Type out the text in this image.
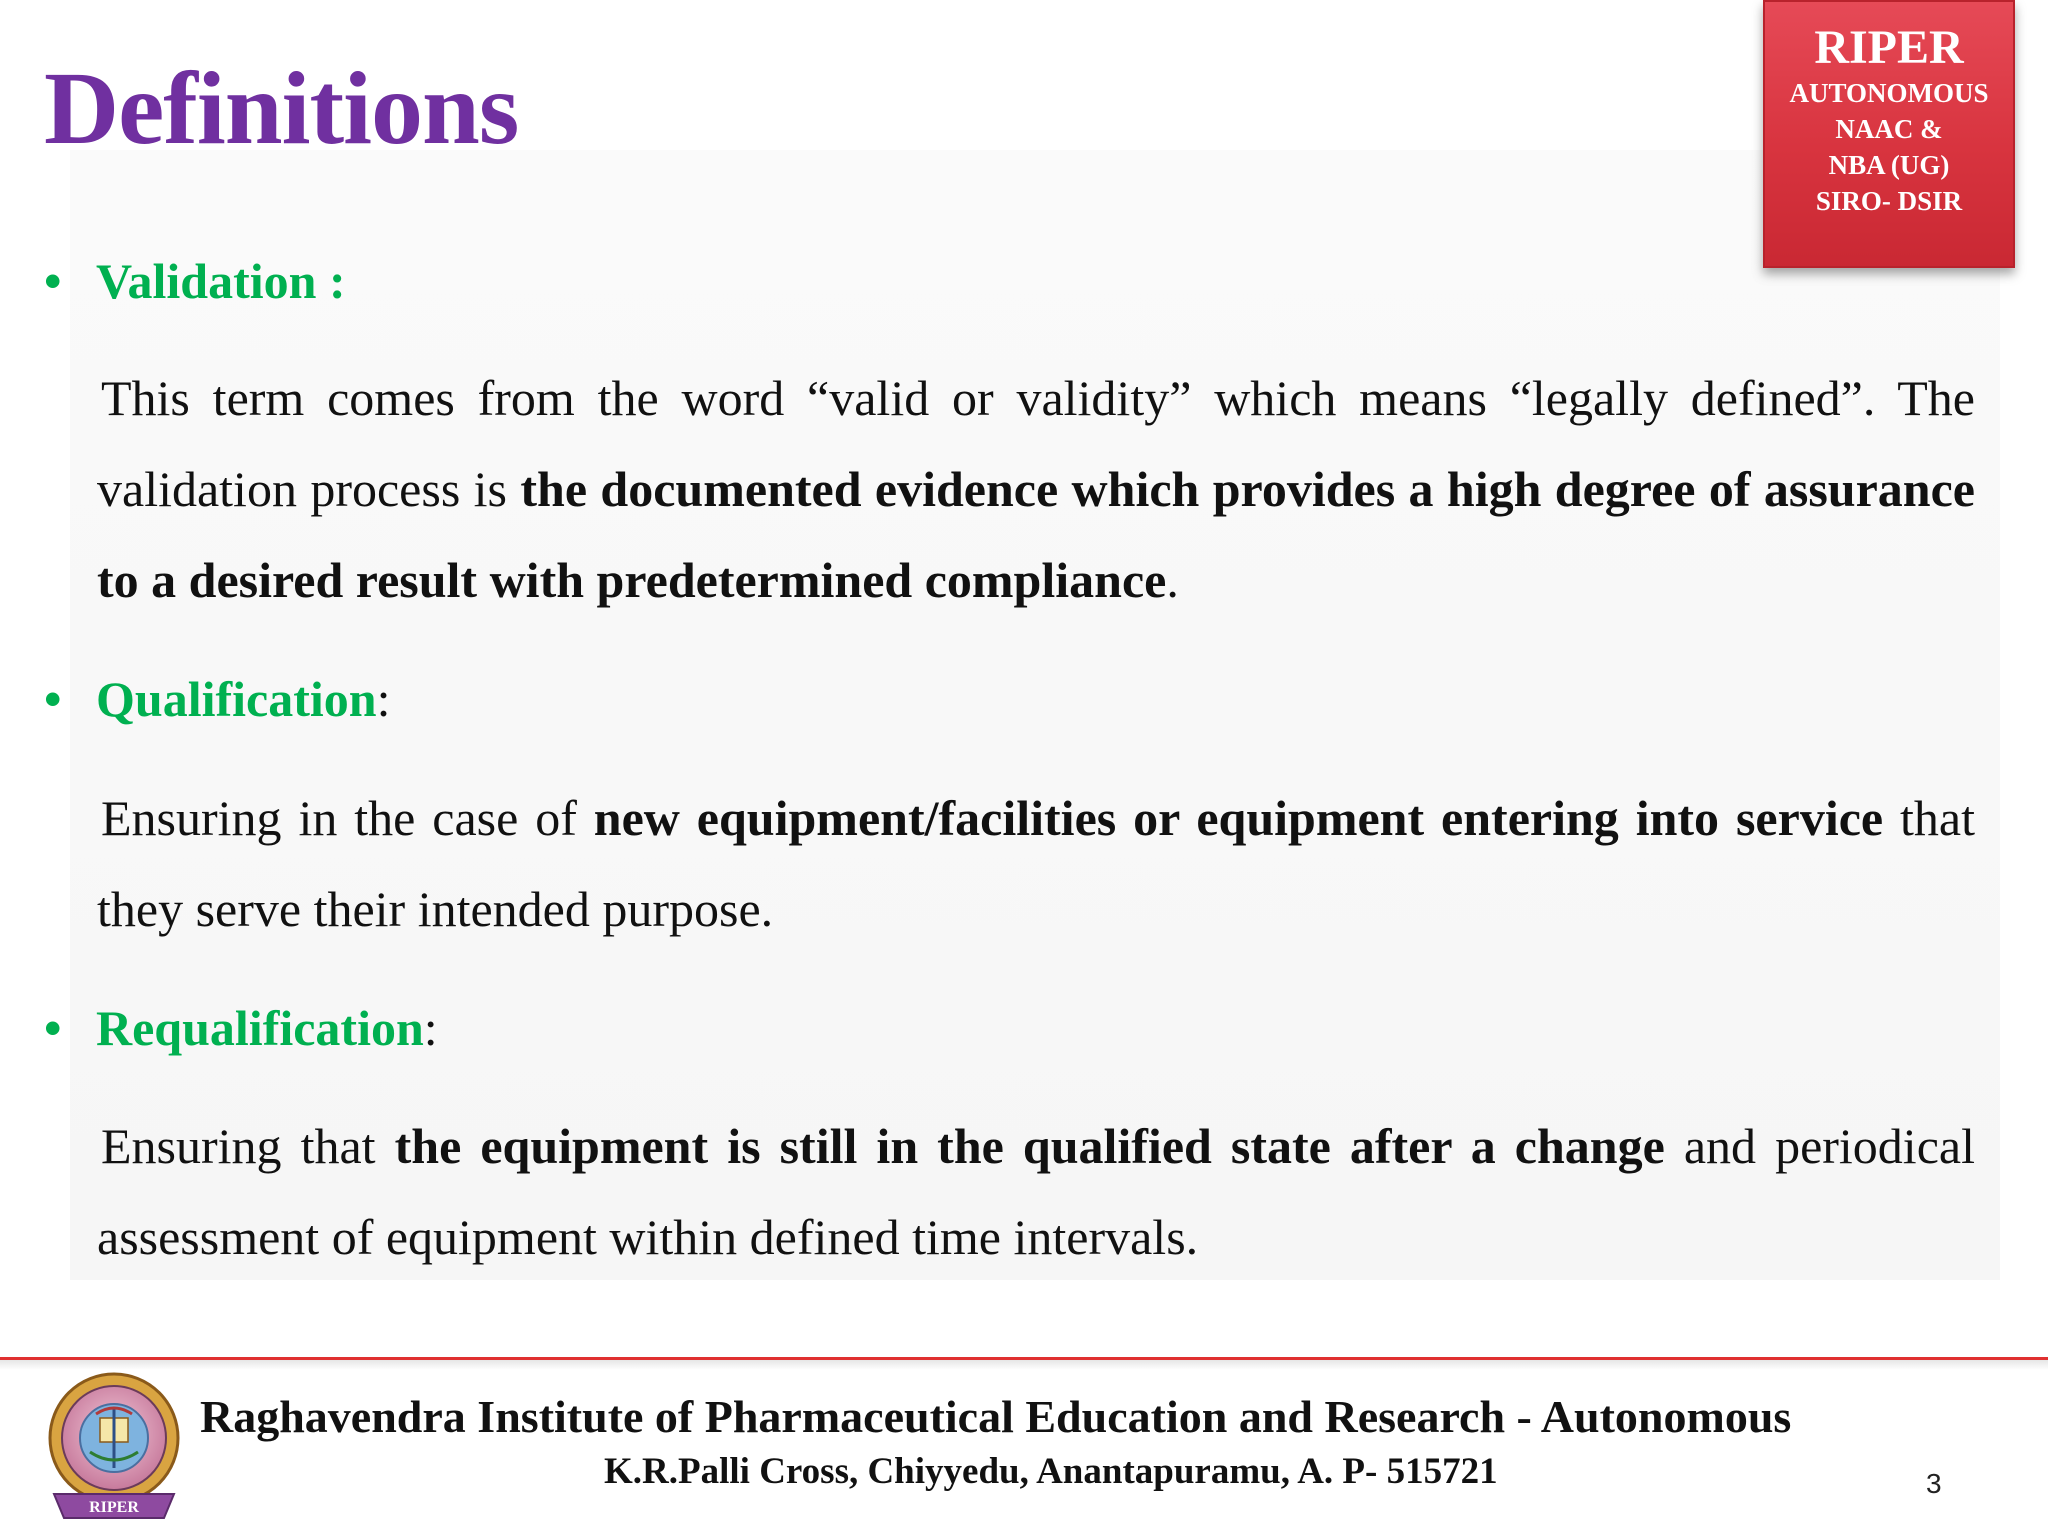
Definitions
RIPER
AUTONOMOUS
NAAC &
NBA (UG)
SIRO- DSIR
• Validation :
This term comes from the word “valid or validity” which means “legally defined”. The validation process is the documented evidence which provides a high degree of assurance to a desired result with predetermined compliance.
• Qualification:
Ensuring in the case of new equipment/facilities or equipment entering into service that they serve their intended purpose.
• Requalification:
Ensuring that the equipment is still in the qualified state after a change and periodical assessment of equipment within defined time intervals.
RIPER
Raghavendra Institute of Pharmaceutical Education and Research - Autonomous
K.R.Palli Cross, Chiyyedu, Anantapuramu, A. P- 515721	3
